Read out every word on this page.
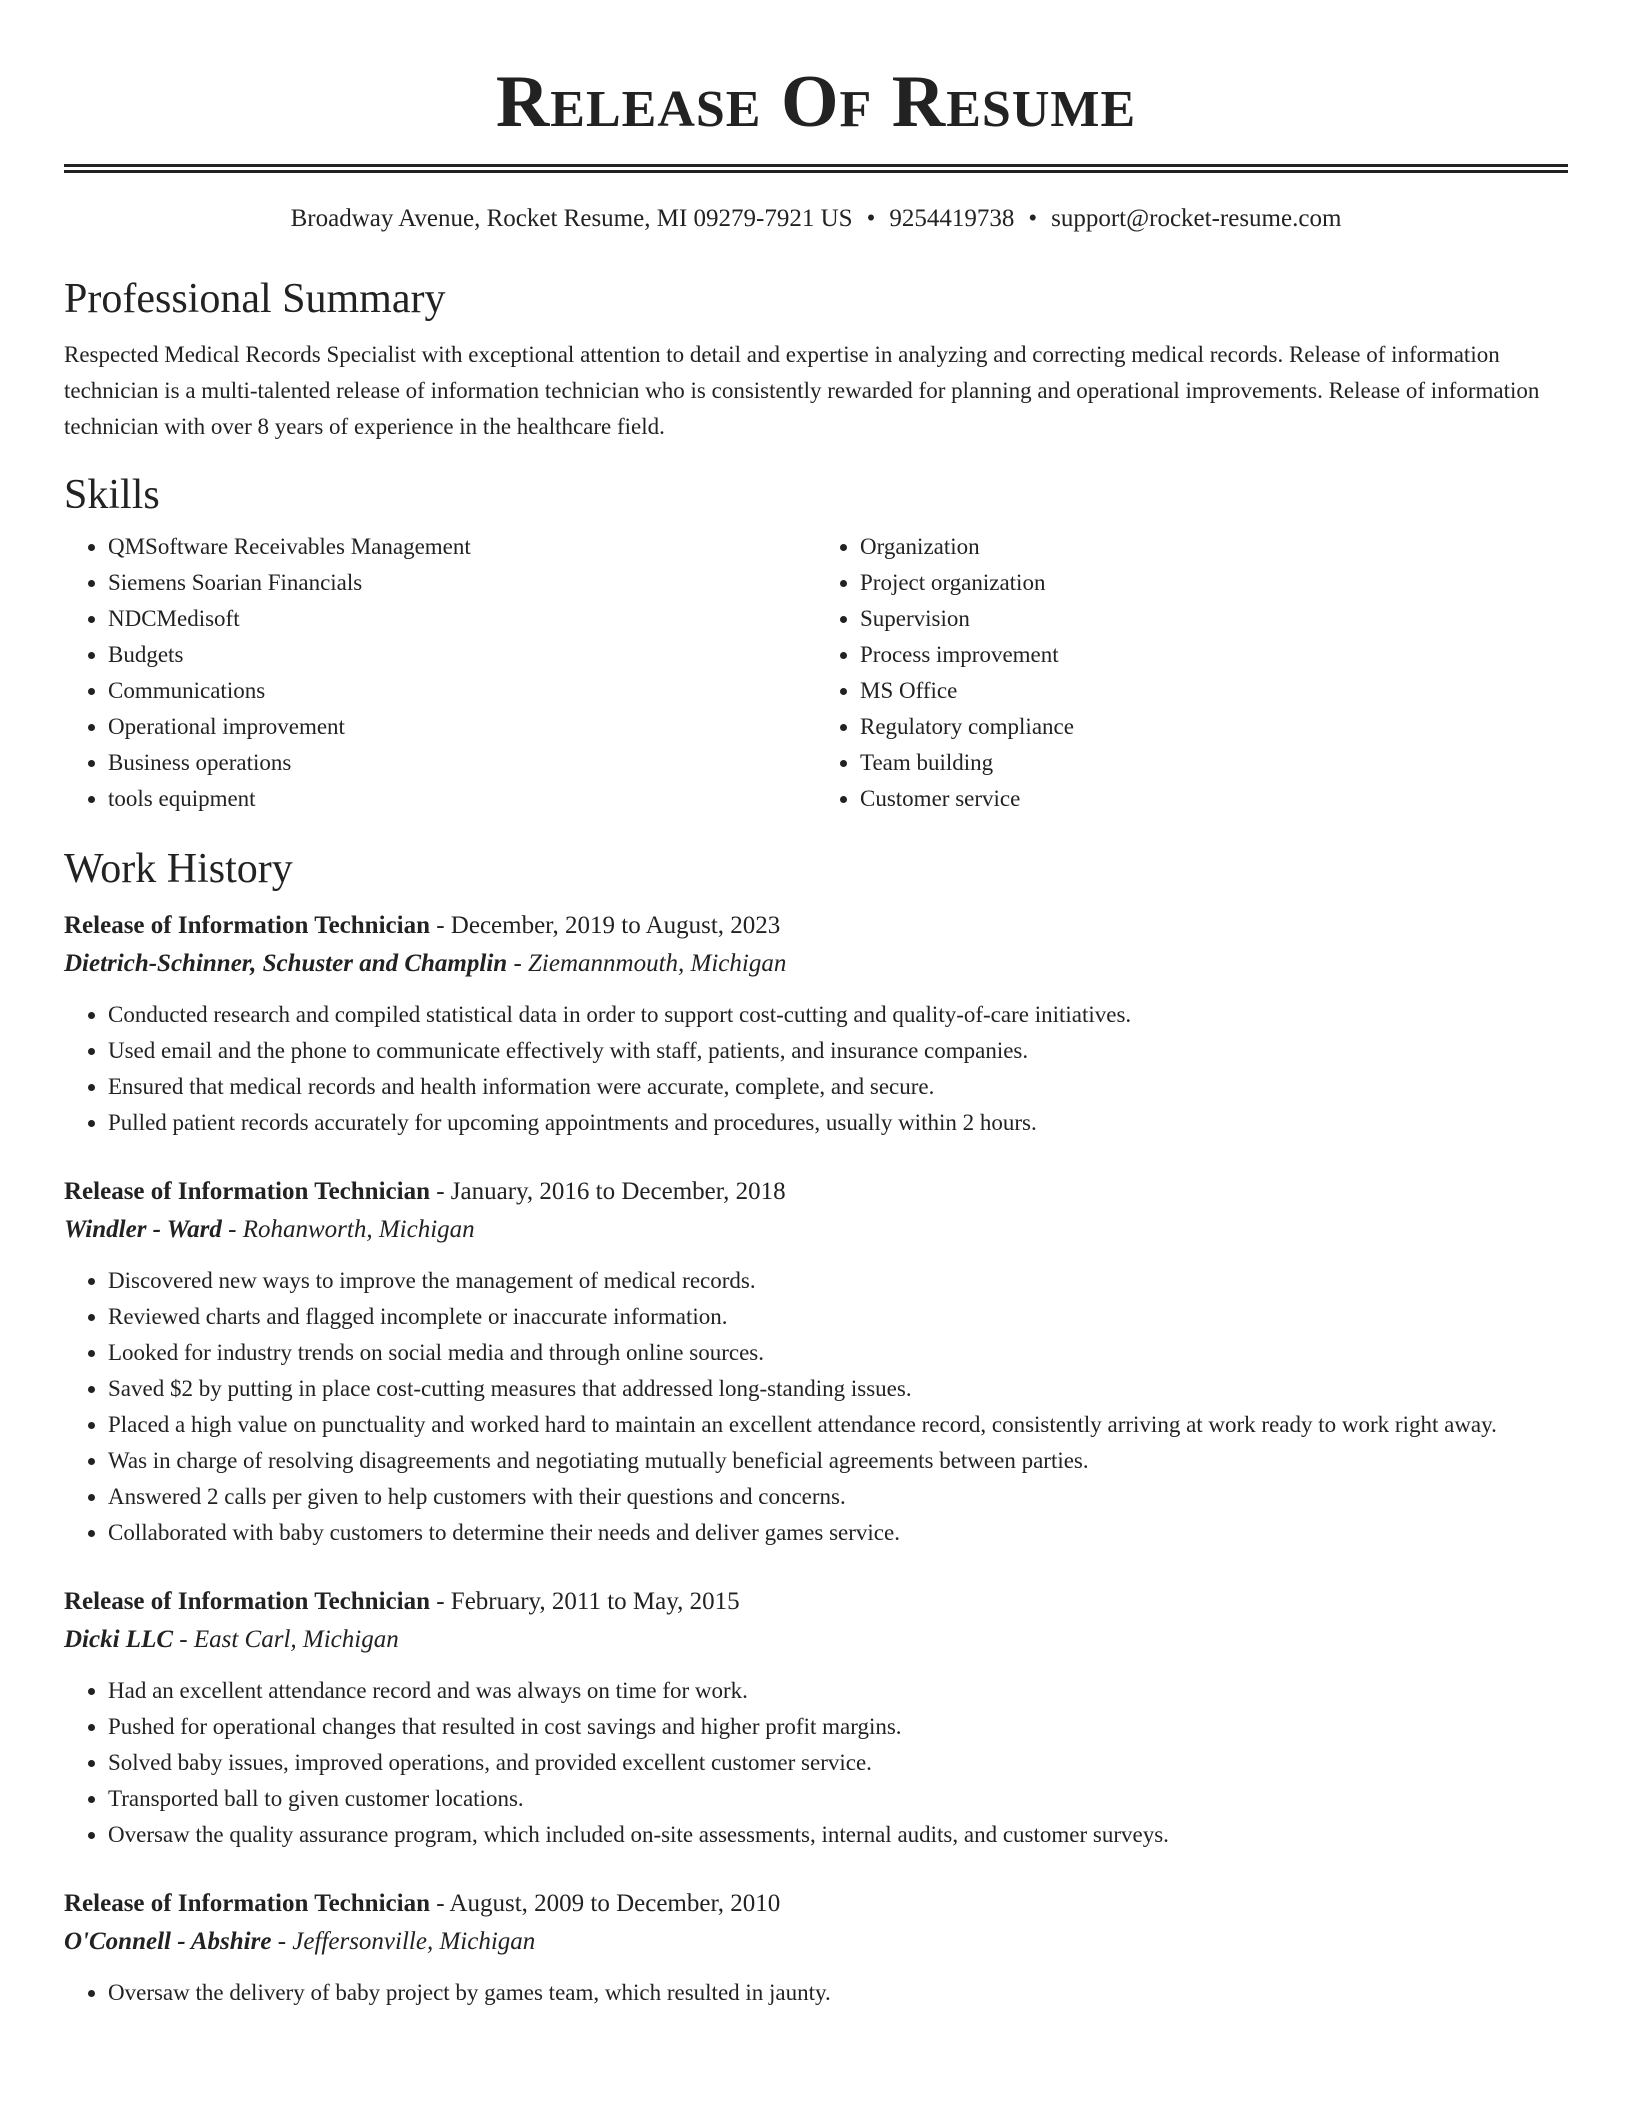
Release Of Resume
Broadway Avenue, Rocket Resume, MI 09279-7921 US • 9254419738 • support@rocket-resume.com
Professional Summary
Respected Medical Records Specialist with exceptional attention to detail and expertise in analyzing and correcting medical records. Release of information technician is a multi-talented release of information technician who is consistently rewarded for planning and operational improvements. Release of information technician with over 8 years of experience in the healthcare field.
Skills
• QMSoftware Receivables Management
• Siemens Soarian Financials
• NDCMedisoft
• Budgets
• Communications
• Operational improvement
• Business operations
• tools equipment
• Organization
• Project organization
• Supervision
• Process improvement
• MS Office
• Regulatory compliance
• Team building
• Customer service
Work History
Release of Information Technician - December, 2019 to August, 2023
Dietrich-Schinner, Schuster and Champlin - Ziemannmouth, Michigan
• Conducted research and compiled statistical data in order to support cost-cutting and quality-of-care initiatives.
• Used email and the phone to communicate effectively with staff, patients, and insurance companies.
• Ensured that medical records and health information were accurate, complete, and secure.
• Pulled patient records accurately for upcoming appointments and procedures, usually within 2 hours.
Release of Information Technician - January, 2016 to December, 2018
Windler - Ward - Rohanworth, Michigan
• Discovered new ways to improve the management of medical records.
• Reviewed charts and flagged incomplete or inaccurate information.
• Looked for industry trends on social media and through online sources.
• Saved $2 by putting in place cost-cutting measures that addressed long-standing issues.
• Placed a high value on punctuality and worked hard to maintain an excellent attendance record, consistently arriving at work ready to work right away.
• Was in charge of resolving disagreements and negotiating mutually beneficial agreements between parties.
• Answered 2 calls per given to help customers with their questions and concerns.
• Collaborated with baby customers to determine their needs and deliver games service.
Release of Information Technician - February, 2011 to May, 2015
Dicki LLC - East Carl, Michigan
• Had an excellent attendance record and was always on time for work.
• Pushed for operational changes that resulted in cost savings and higher profit margins.
• Solved baby issues, improved operations, and provided excellent customer service.
• Transported ball to given customer locations.
• Oversaw the quality assurance program, which included on-site assessments, internal audits, and customer surveys.
Release of Information Technician - August, 2009 to December, 2010
O'Connell - Abshire - Jeffersonville, Michigan
• Oversaw the delivery of baby project by games team, which resulted in jaunty.
